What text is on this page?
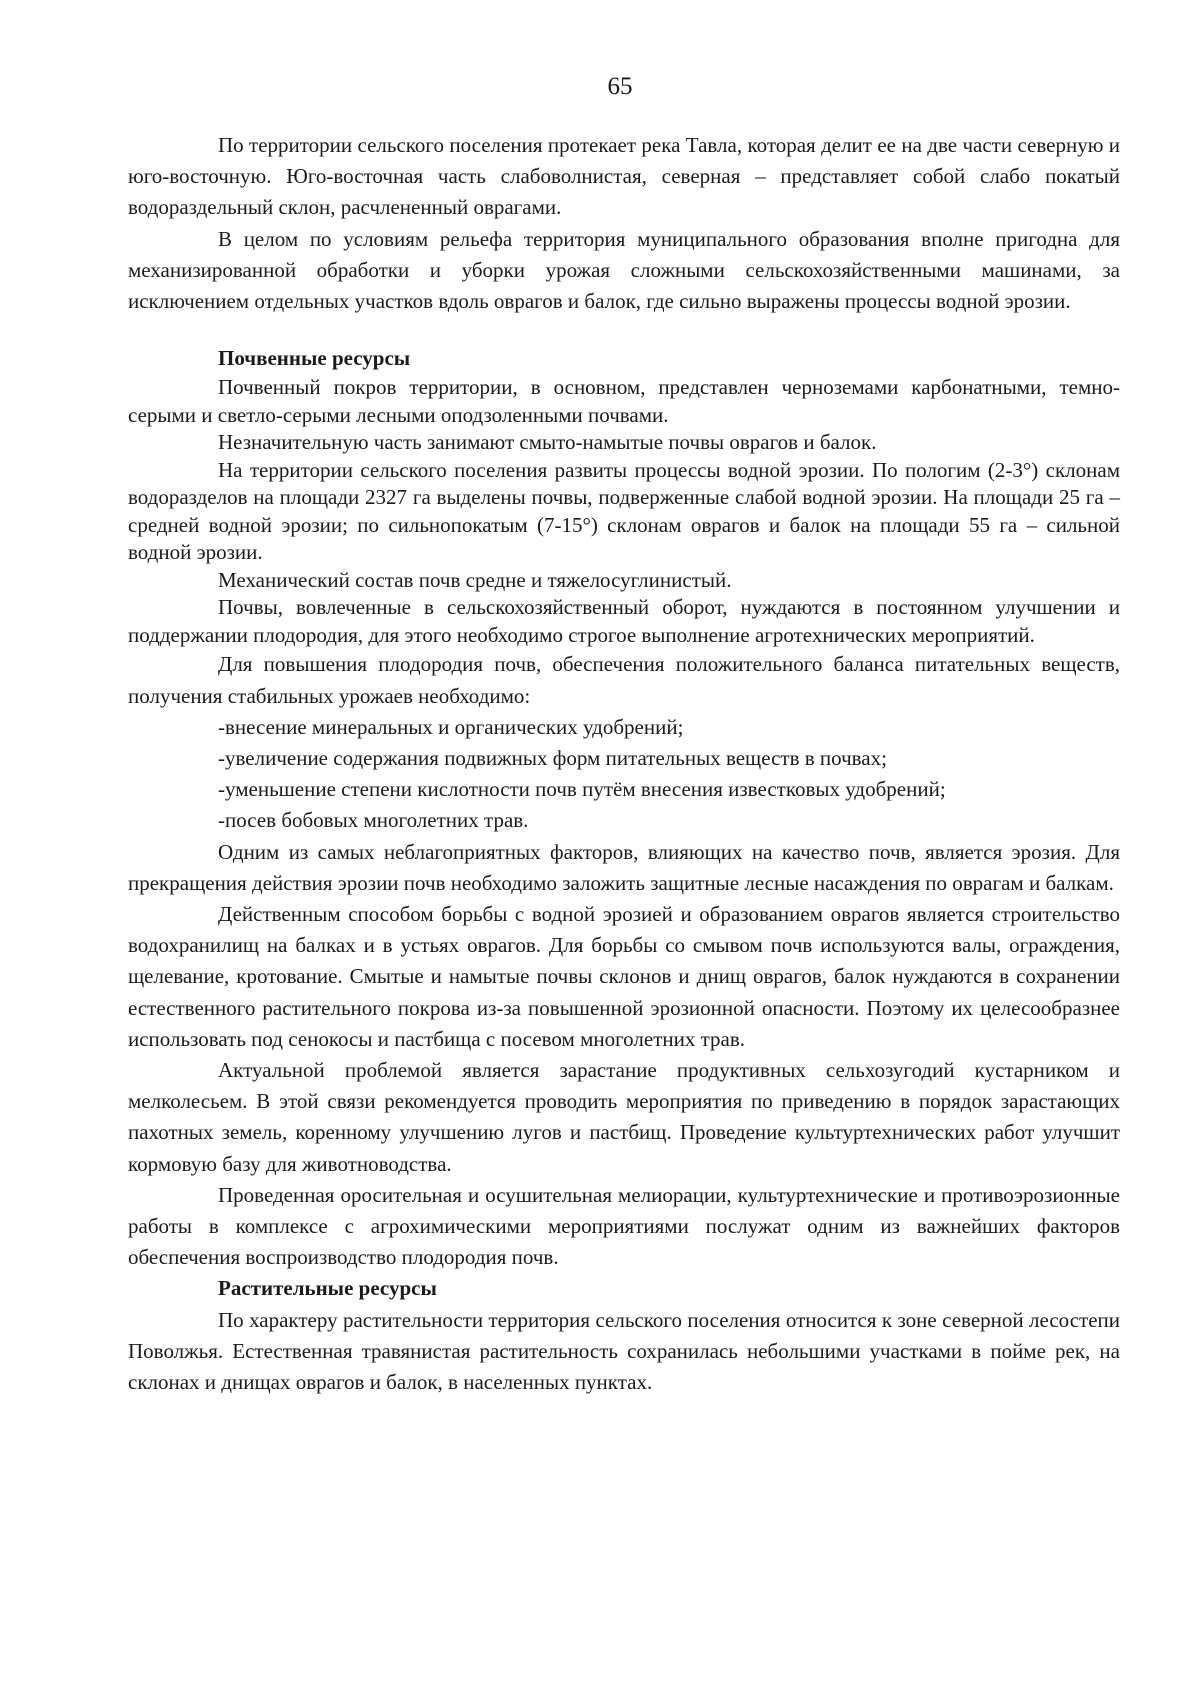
65

По территории сельского поселения протекает река Тавла, которая делит ее на две части северную и юго-восточную. Юго-восточная часть слабоволнистая, северная – представляет собой слабо покатый водораздельный склон, расчлененный оврагами.

В целом по условиям рельефа территория муниципального образования вполне пригодна для механизированной обработки и уборки урожая сложными сельскохозяйственными машинами, за исключением отдельных участков вдоль оврагов и балок, где сильно выражены процессы водной эрозии.

Почвенные ресурсы

Почвенный покров территории, в основном, представлен черноземами карбонатными, темно-серыми и светло-серыми лесными оподзоленными почвами.

Незначительную часть занимают смыто-намытые почвы оврагов и балок.

На территории сельского поселения развиты процессы водной эрозии. По пологим (2-3°) склонам водоразделов на площади 2327 га выделены почвы, подверженные слабой водной эрозии. На площади 25 га – средней водной эрозии; по сильнопокатым (7-15°) склонам оврагов и балок на площади 55 га – сильной водной эрозии.

Механический состав почв средне и тяжелосуглинистый.

Почвы, вовлеченные в сельскохозяйственный оборот, нуждаются в постоянном улучшении и поддержании плодородия, для этого необходимо строгое выполнение агротехнических мероприятий.

Для повышения плодородия почв, обеспечения положительного баланса питательных веществ, получения стабильных урожаев необходимо:

-внесение минеральных и органических удобрений;

-увеличение содержания подвижных форм питательных веществ в почвах;

-уменьшение степени кислотности почв путём внесения известковых удобрений;

-посев бобовых многолетних трав.

Одним из самых неблагоприятных факторов, влияющих на качество почв, является эрозия. Для прекращения действия эрозии почв необходимо заложить защитные лесные насаждения по оврагам и балкам.

Действенным способом борьбы с водной эрозией и образованием оврагов является строительство водохранилищ на балках и в устьях оврагов. Для борьбы со смывом почв используются валы, ограждения, щелевание, кротование. Смытые и намытые почвы склонов и днищ оврагов, балок нуждаются в сохранении естественного растительного покрова из-за повышенной эрозионной опасности. Поэтому их целесообразнее использовать под сенокосы и пастбища с посевом многолетних трав.

Актуальной проблемой является зарастание продуктивных сельхозугодий кустарником и мелколесьем. В этой связи рекомендуется проводить мероприятия по приведению в порядок зарастающих пахотных земель, коренному улучшению лугов и пастбищ. Проведение культуртехнических работ улучшит кормовую базу для животноводства.

Проведенная оросительная и осушительная мелиорации, культуртехнические и противоэрозионные работы в комплексе с агрохимическими мероприятиями послужат одним из важнейших факторов обеспечения воспроизводство плодородия почв.

Растительные ресурсы

По характеру растительности территория сельского поселения относится к зоне северной лесостепи Поволжья. Естественная травянистая растительность сохранилась небольшими участками в пойме рек, на склонах и днищах оврагов и балок, в населенных пунктах.
